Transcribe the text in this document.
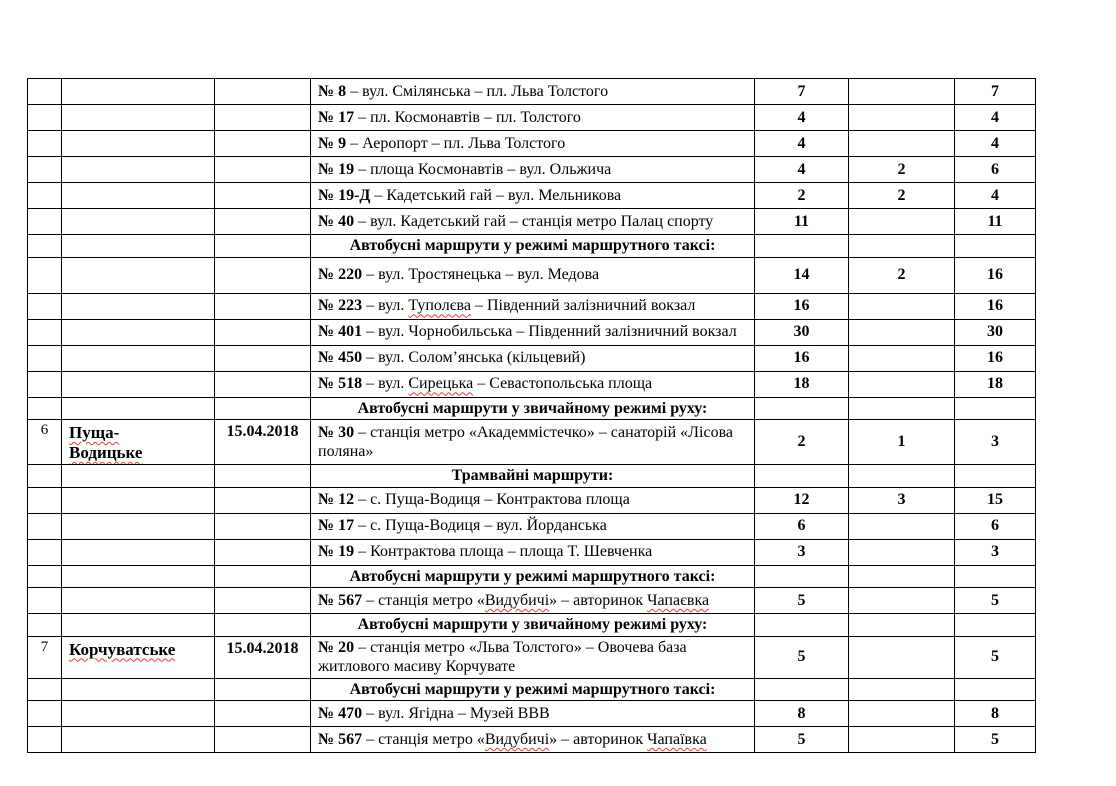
			№ 8 – вул. Смілянська – пл. Льва Толстого	7		7
			№ 17 – пл. Космонавтів – пл. Толстого	4		4
			№ 9 – Аеропорт – пл. Льва Толстого	4		4
			№ 19 – площа Космонавтів – вул. Ольжича	4	2	6
			№ 19-Д – Кадетський гай – вул. Мельникова	2	2	4
			№ 40 – вул. Кадетський гай – станція метро Палац спорту	11		11
			Автобусні маршрути у режимі маршрутного таксі:			
			№ 220 – вул. Тростянецька – вул. Медова	14	2	16
			№ 223 – вул. Туполєва – Південний залізничний вокзал	16		16
			№ 401 – вул. Чорнобильська – Південний залізничний вокзал	30		30
			№ 450 – вул. Солом’янська (кільцевий)	16		16
			№ 518 – вул. Сирецька – Севастопольська площа	18		18
			Автобусні маршрути у звичайному режимі руху:			
6	Пуща-
Водицьке	15.04.2018	№ 30 – станція метро «Академмістечко» – санаторій «Лісова поляна»	2	1	3
			Трамвайні маршрути:			
			№ 12 – с. Пуща-Водиця – Контрактова площа	12	3	15
			№ 17 – с. Пуща-Водиця – вул. Йорданська	6		6
			№ 19 – Контрактова площа – площа Т. Шевченка	3		3
			Автобусні маршрути у режимі маршрутного таксі:			
			№ 567 – станція метро «Видубичі» – авторинок Чапаєвка	5		5
			Автобусні маршрути у звичайному режимі руху:			
7	Корчуватське	15.04.2018	№ 20 – станція метро «Льва Толстого» – Овочева база житлового масиву Корчувате	5		5
			Автобусні маршрути у режимі маршрутного таксі:			
			№ 470 – вул. Ягідна – Музей ВВВ	8		8
			№ 567 – станція метро «Видубичі» – авторинок Чапаївка	5		5
